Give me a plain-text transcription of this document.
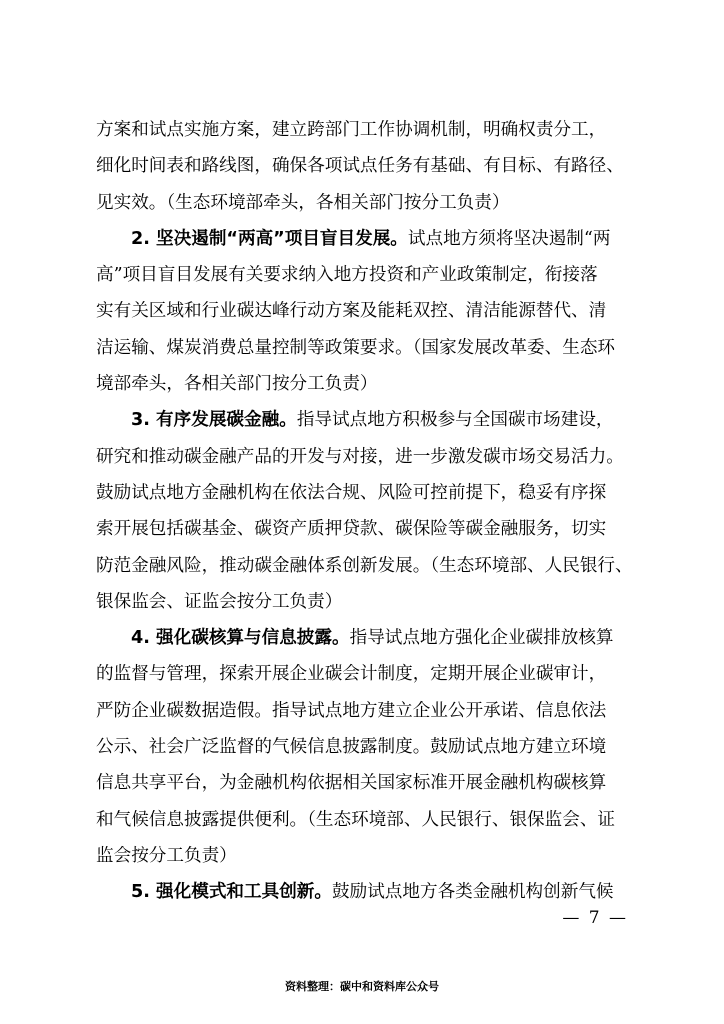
方案和试点实施方案，建立跨部门工作协调机制，明确权责分工，
细化时间表和路线图，确保各项试点任务有基础、有目标、有路径、
见实效。（生态环境部牵头，各相关部门按分工负责）
2. 坚决遏制“两高”项目盲目发展。试点地方须将坚决遏制“两
高”项目盲目发展有关要求纳入地方投资和产业政策制定，衔接落
实有关区域和行业碳达峰行动方案及能耗双控、清洁能源替代、清
洁运输、煤炭消费总量控制等政策要求。（国家发展改革委、生态环
境部牵头，各相关部门按分工负责）
3. 有序发展碳金融。指导试点地方积极参与全国碳市场建设，
研究和推动碳金融产品的开发与对接，进一步激发碳市场交易活力。
鼓励试点地方金融机构在依法合规、风险可控前提下，稳妥有序探
索开展包括碳基金、碳资产质押贷款、碳保险等碳金融服务，切实
防范金融风险，推动碳金融体系创新发展。（生态环境部、人民银行、
银保监会、证监会按分工负责）
4. 强化碳核算与信息披露。指导试点地方强化企业碳排放核算
的监督与管理，探索开展企业碳会计制度，定期开展企业碳审计，
严防企业碳数据造假。指导试点地方建立企业公开承诺、信息依法
公示、社会广泛监督的气候信息披露制度。鼓励试点地方建立环境
信息共享平台，为金融机构依据相关国家标准开展金融机构碳核算
和气候信息披露提供便利。（生态环境部、人民银行、银保监会、证
监会按分工负责）
5. 强化模式和工具创新。鼓励试点地方各类金融机构创新气候
— 7 —
资料整理：碳中和资料库公众号
